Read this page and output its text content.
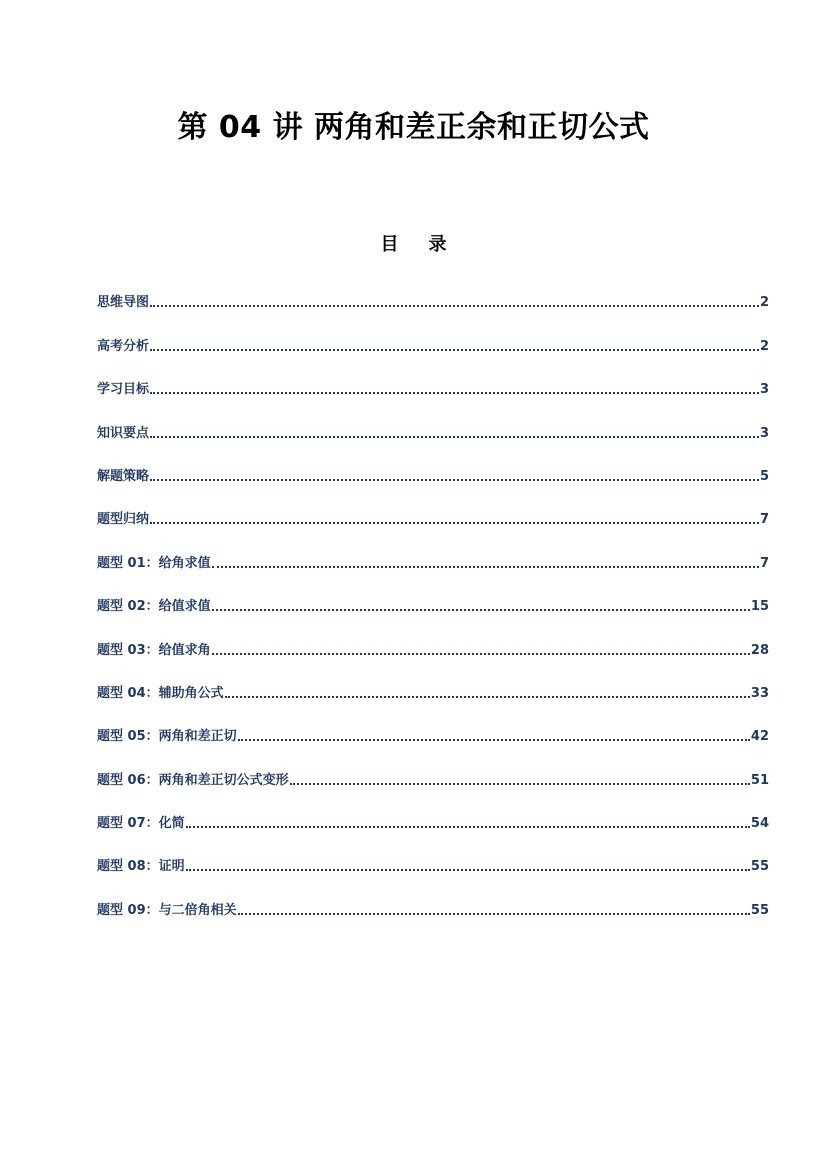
第 04 讲 两角和差正余和正切公式
目 录
思维导图	2
高考分析	2
学习目标	3
知识要点	3
解题策略	5
题型归纳	7
题型 01：给角求值	7
题型 02：给值求值	15
题型 03：给值求角	28
题型 04：辅助角公式	33
题型 05：两角和差正切	42
题型 06：两角和差正切公式变形	51
题型 07：化简	54
题型 08：证明	55
题型 09：与二倍角相关	55
